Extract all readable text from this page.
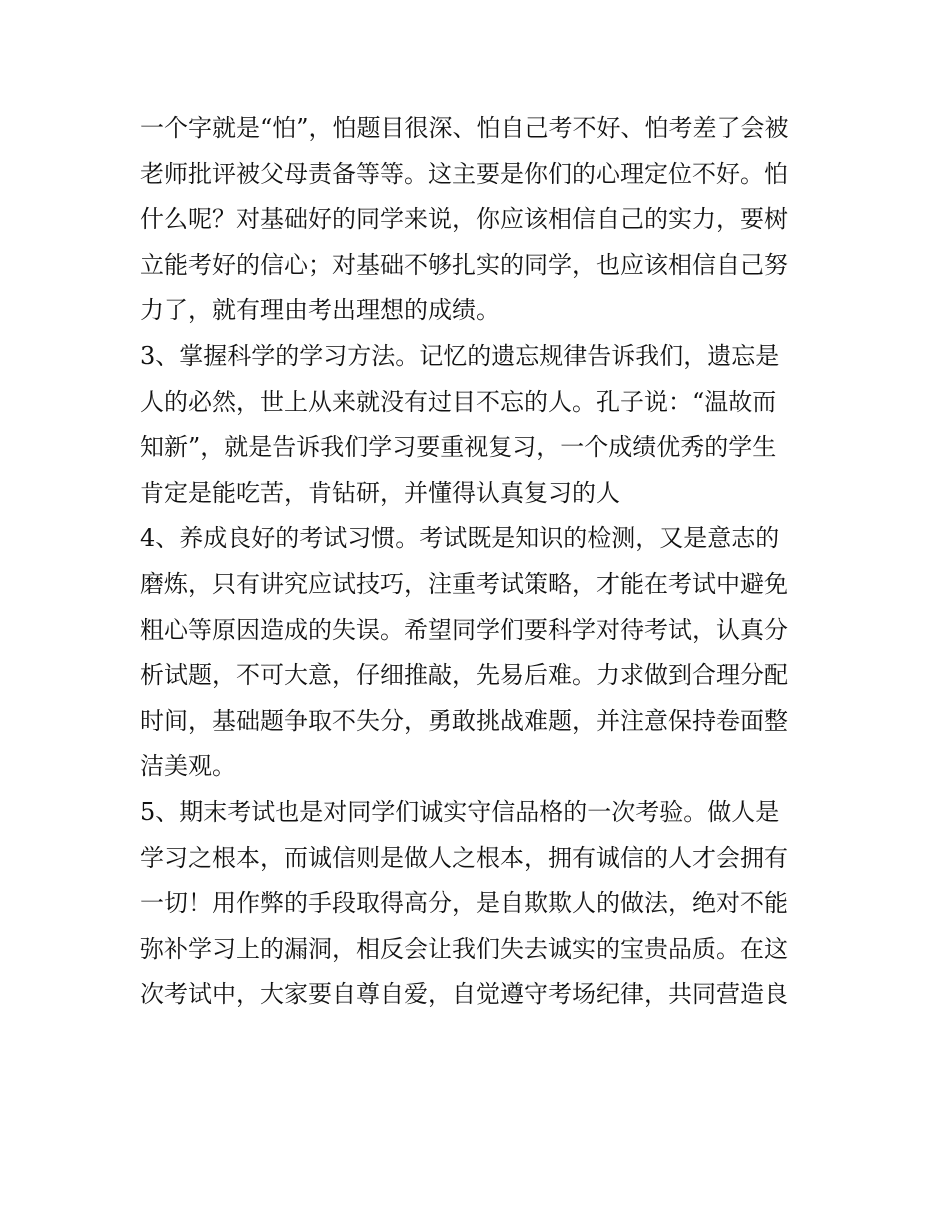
一个字就是“怕”，怕题目很深、怕自己考不好、怕考差了会被
老师批评被父母责备等等。这主要是你们的心理定位不好。怕
什么呢？对基础好的同学来说，你应该相信自己的实力，要树
立能考好的信心；对基础不够扎实的同学，也应该相信自己努
力了，就有理由考出理想的成绩。
3、掌握科学的学习方法。记忆的遗忘规律告诉我们，遗忘是
人的必然，世上从来就没有过目不忘的人。孔子说：“温故而
知新”，就是告诉我们学习要重视复习，一个成绩优秀的学生
肯定是能吃苦，肯钻研，并懂得认真复习的人
4、养成良好的考试习惯。考试既是知识的检测，又是意志的
磨炼，只有讲究应试技巧，注重考试策略，才能在考试中避免
粗心等原因造成的失误。希望同学们要科学对待考试，认真分
析试题，不可大意，仔细推敲，先易后难。力求做到合理分配
时间，基础题争取不失分，勇敢挑战难题，并注意保持卷面整
洁美观。
5、期末考试也是对同学们诚实守信品格的一次考验。做人是
学习之根本，而诚信则是做人之根本，拥有诚信的人才会拥有
一切！用作弊的手段取得高分，是自欺欺人的做法，绝对不能
弥补学习上的漏洞，相反会让我们失去诚实的宝贵品质。在这
次考试中，大家要自尊自爱，自觉遵守考场纪律，共同营造良
